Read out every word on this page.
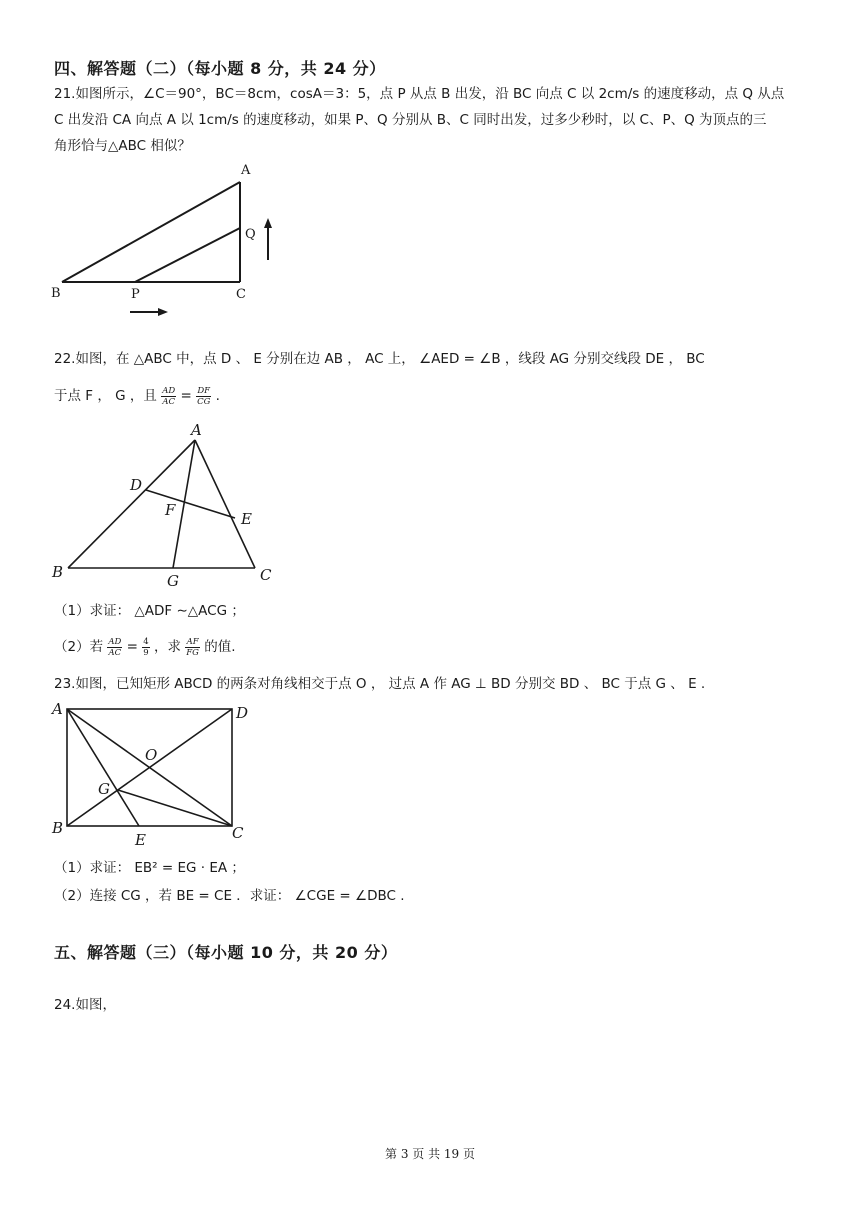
四、解答题（二）（每小题 8 分，共 24 分）
21.如图所示，∠C＝90°，BC＝8cm，cosA＝3：5，点 P 从点 B 出发，沿 BC 向点 C 以 2cm/s 的速度移动，点 Q 从点
C 出发沿 CA 向点 A 以 1cm/s 的速度移动，如果 P、Q 分别从 B、C 同时出发，过多少秒时，以 C、P、Q 为顶点的三
角形恰与△ABC 相似？
A
Q
B	P	C
22.如图，在 △ABC 中，点 D 、 E 分别在边 AB ， AC 上， ∠AED = ∠B ，线段 AG 分别交线段 DE ， BC
于点 F ， G ，且 $\frac{AD}{AC} = \frac{DF}{CG}$ .
A
D
F	E
B	G	C
（1）求证： △ADF ∼△ACG ；
（2）若 $\frac{AD}{AC} = \frac{4}{9}$ ，求 $\frac{AF}{FG}$ 的值.
23.如图，已知矩形 ABCD 的两条对角线相交于点 O ， 过点 A 作 AG ⊥ BD 分别交 BD 、 BC 于点 G 、 E .
A	D
O
G
B
E	C
（1）求证： EB² = EG · EA ；
（2）连接 CG ，若 BE = CE ．求证： ∠CGE = ∠DBC .
五、解答题（三）（每小题 10 分，共 20 分）
24.如图，
第 3 页 共 19 页
